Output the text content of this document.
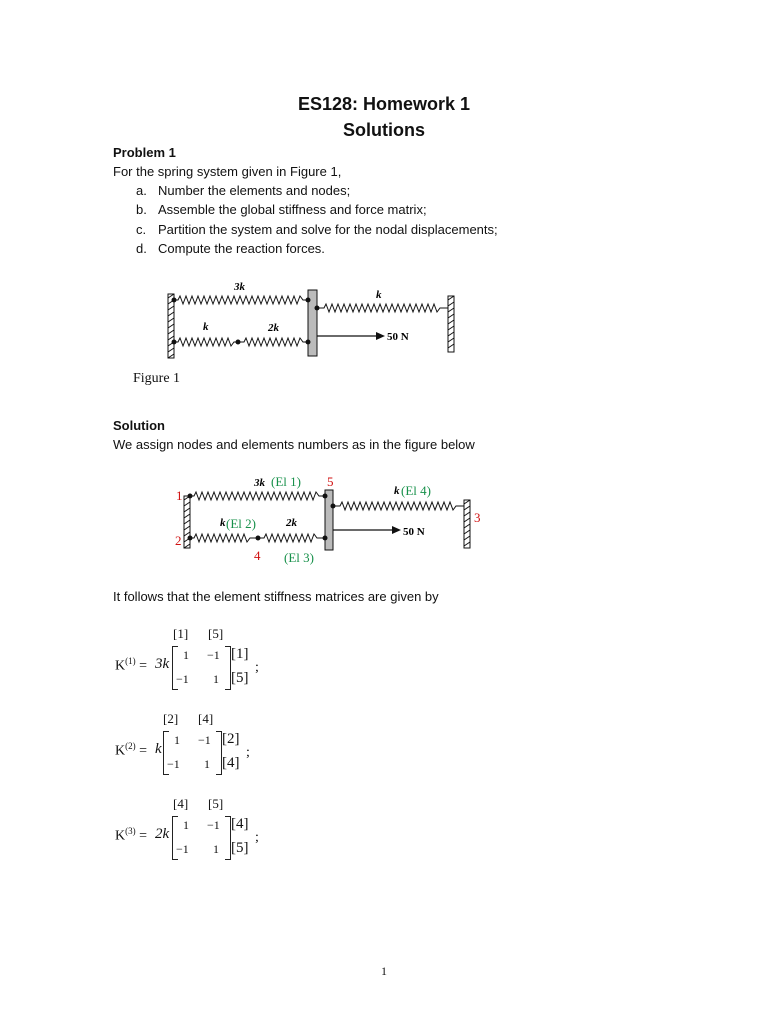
ES128: Homework 1
Solutions
Problem 1
For the spring system given in Figure 1,
a. Number the elements and nodes;
b. Assemble the global stiffness and force matrix;
c. Partition the system and solve for the nodal displacements;
d. Compute the reaction forces.
3k
k
k	2k
50 N
Figure 1
Solution
We assign nodes and elements numbers as in the figure below
3k (El 1) 5
k (El 4)
1
k (El 2)	2k
50 N
3
2
4 (El 3)
It follows that the element stiffness matrices are given by
[1] [5]
$K^{(1)} = 3k$
1 −1
−1 1
[1]
[5]
;
[2] [4]
$K^{(2)} = k$
1 −1
−1 1
[2]
[4]
;
[4] [5]
$K^{(3)} = 2k$
1 −1
−1 1
[4]
[5]
;
1
